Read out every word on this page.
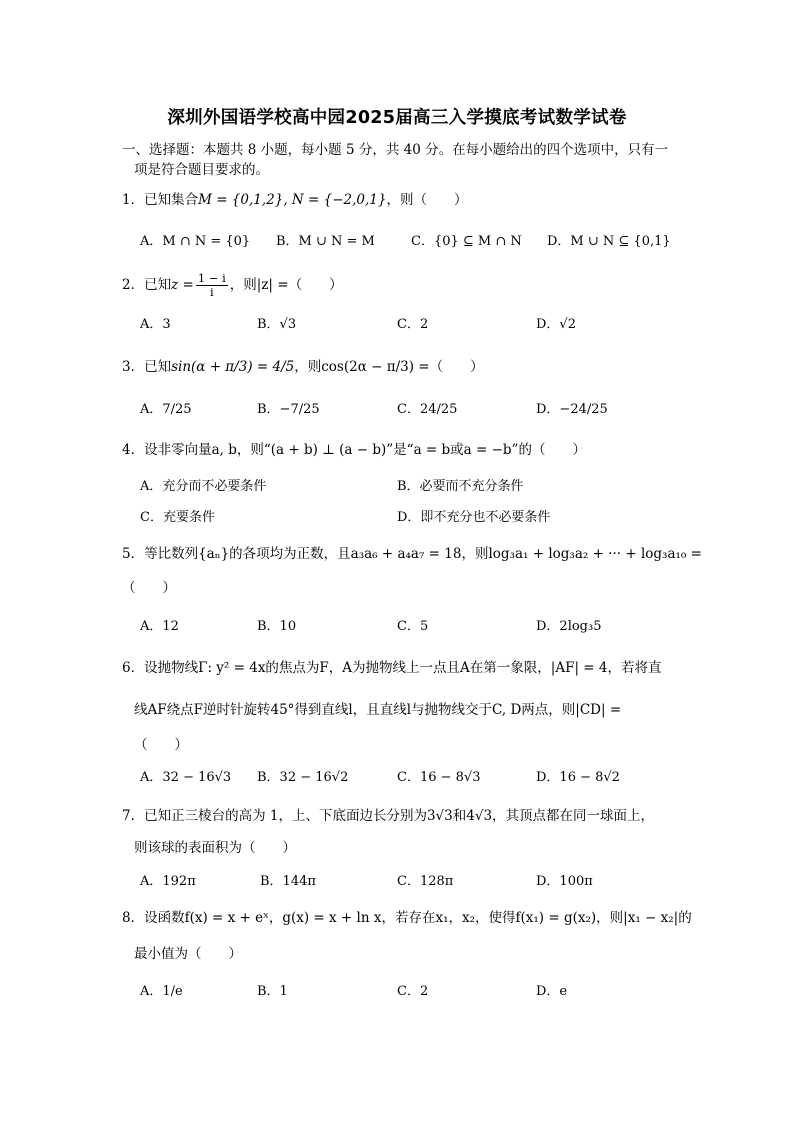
深圳外国语学校高中园2025届高三入学摸底考试数学试卷
一、选择题：本题共 8 小题，每小题 5 分，共 40 分。在每小题给出的四个选项中，只有一
项是符合题目要求的。
1．已知集合M = {0,1,2}, N = {−2,0,1}，则（　　）
A．M ∩ N = {0} B．M ∪ N = M	C．{0} ⊆ M ∩ N D．M ∪ N ⊆ {0,1}
2．已知$z = \frac{1 - i}{i}$ ，则|z| =（　　）
A．3	B．√3	C．2	D．√2
3．已知sin(α + π/3) = 4/5，则cos(2α − π/3) =（　　）
A．7/25	B．−7/25	C．24/25	D．−24/25
4．设非零向量a, b，则“(a + b) ⊥ (a − b)”是“a = b或a = −b”的（　　）
A．充分而不必要条件	B．必要而不充分条件
C．充要条件	D．即不充分也不必要条件
5．等比数列{aₙ}的各项均为正数，且a₃a₆ + a₄a₇ = 18，则log₃a₁ + log₃a₂ + ··· + log₃a₁₀ =
（　　）
A．12	B．10	C．5	D．2log₃5
6．设抛物线Γ: y² = 4x的焦点为F，A为抛物线上一点且A在第一象限，|AF| = 4，若将直
线AF绕点F逆时针旋转45°得到直线l，且直线l与抛物线交于C, D两点，则|CD| =
（　　）
A．32 − 16√3 B．32 − 16√2	C．16 − 8√3	D．16 − 8√2
7．已知正三棱台的高为 1，上、下底面边长分别为3√3和4√3，其顶点都在同一球面上，
则该球的表面积为（　　）
A．192π	B．144π	C．128π	D．100π
8．设函数f(x) = x + eˣ，g(x) = x + ln x，若存在x₁，x₂，使得f(x₁) = g(x₂)，则|x₁ − x₂|的
最小值为（　　）
A．1/e	B．1	C．2	D．e
